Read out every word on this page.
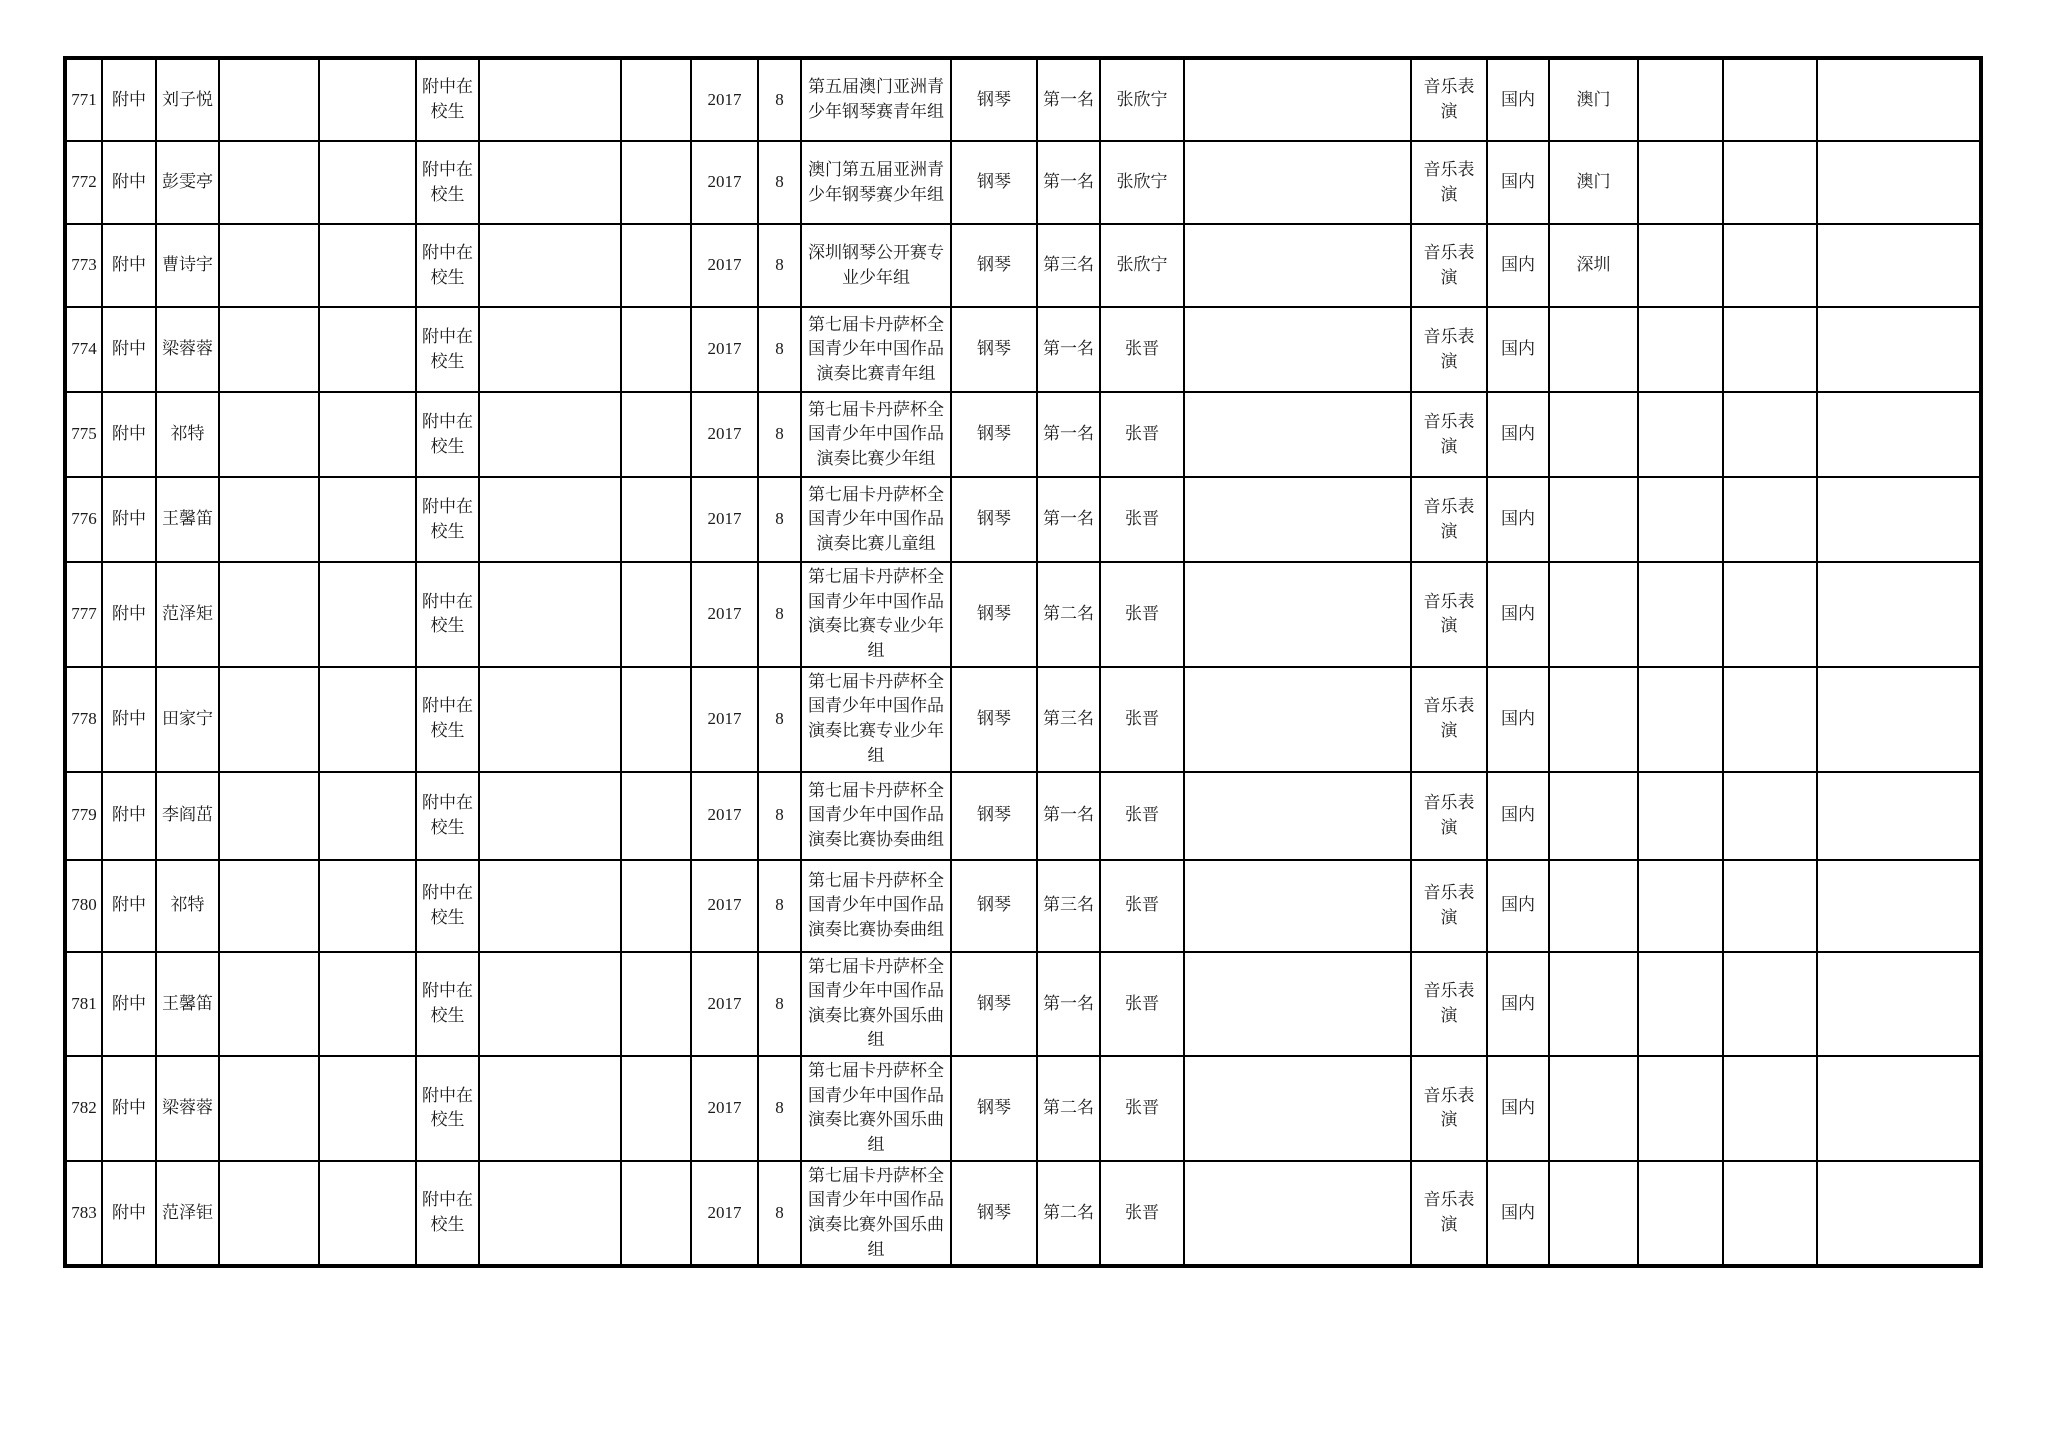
771	附中	刘子悦			附中在校生			2017	8	第五届澳门亚洲青少年钢琴赛青年组	钢琴	第一名	张欣宁		音乐表演	国内	澳门			
772	附中	彭雯亭			附中在校生			2017	8	澳门第五届亚洲青少年钢琴赛少年组	钢琴	第一名	张欣宁		音乐表演	国内	澳门			
773	附中	曹诗宇			附中在校生			2017	8	深圳钢琴公开赛专业少年组	钢琴	第三名	张欣宁		音乐表演	国内	深圳			
774	附中	梁蓉蓉			附中在校生			2017	8	第七届卡丹萨杯全国青少年中国作品演奏比赛青年组	钢琴	第一名	张晋		音乐表演	国内				
775	附中	祁特			附中在校生			2017	8	第七届卡丹萨杯全国青少年中国作品演奏比赛少年组	钢琴	第一名	张晋		音乐表演	国内				
776	附中	王馨笛			附中在校生			2017	8	第七届卡丹萨杯全国青少年中国作品演奏比赛儿童组	钢琴	第一名	张晋		音乐表演	国内				
777	附中	范泽矩			附中在校生			2017	8	第七届卡丹萨杯全国青少年中国作品演奏比赛专业少年组	钢琴	第二名	张晋		音乐表演	国内				
778	附中	田家宁			附中在校生			2017	8	第七届卡丹萨杯全国青少年中国作品演奏比赛专业少年组	钢琴	第三名	张晋		音乐表演	国内				
779	附中	李阎茁			附中在校生			2017	8	第七届卡丹萨杯全国青少年中国作品演奏比赛协奏曲组	钢琴	第一名	张晋		音乐表演	国内				
780	附中	祁特			附中在校生			2017	8	第七届卡丹萨杯全国青少年中国作品演奏比赛协奏曲组	钢琴	第三名	张晋		音乐表演	国内				
781	附中	王馨笛			附中在校生			2017	8	第七届卡丹萨杯全国青少年中国作品演奏比赛外国乐曲组	钢琴	第一名	张晋		音乐表演	国内				
782	附中	梁蓉蓉			附中在校生			2017	8	第七届卡丹萨杯全国青少年中国作品演奏比赛外国乐曲组	钢琴	第二名	张晋		音乐表演	国内				
783	附中	范泽钜			附中在校生			2017	8	第七届卡丹萨杯全国青少年中国作品演奏比赛外国乐曲组	钢琴	第二名	张晋		音乐表演	国内				
